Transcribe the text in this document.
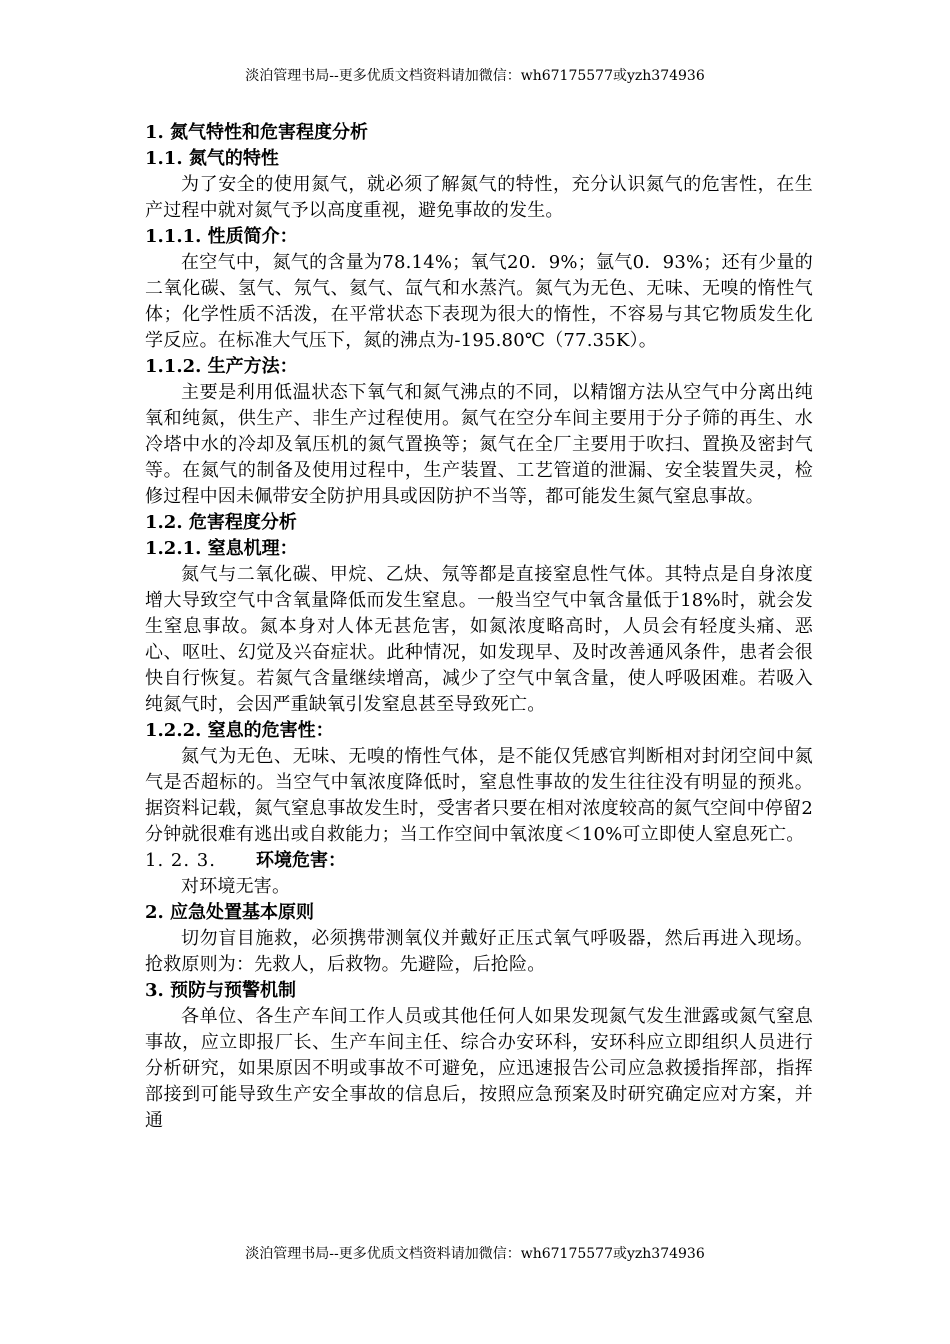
淡泊管理书局--更多优质文档资料请加微信：wh67175577或yzh374936

1. 氮气特性和危害程度分析

1.1. 氮气的特性

为了安全的使用氮气，就必须了解氮气的特性，充分认识氮气的危害性，在生产过程中就对氮气予以高度重视，避免事故的发生。

1.1.1. 性质简介：

在空气中，氮气的含量为78.14%；氧气20．9%；氩气0．93%；还有少量的二氧化碳、氢气、氖气、氦气、氙气和水蒸汽。氮气为无色、无味、无嗅的惰性气体；化学性质不活泼，在平常状态下表现为很大的惰性，不容易与其它物质发生化学反应。在标准大气压下，氮的沸点为-195.80℃（77.35K）。

1.1.2. 生产方法：

主要是利用低温状态下氧气和氮气沸点的不同，以精馏方法从空气中分离出纯氧和纯氮，供生产、非生产过程使用。氮气在空分车间主要用于分子筛的再生、水冷塔中水的冷却及氧压机的氮气置换等；氮气在全厂主要用于吹扫、置换及密封气等。在氮气的制备及使用过程中，生产装置、工艺管道的泄漏、安全装置失灵，检修过程中因未佩带安全防护用具或因防护不当等，都可能发生氮气窒息事故。

1.2. 危害程度分析

1.2.1. 窒息机理：

氮气与二氧化碳、甲烷、乙炔、氖等都是直接窒息性气体。其特点是自身浓度增大导致空气中含氧量降低而发生窒息。一般当空气中氧含量低于18%时，就会发生窒息事故。氮本身对人体无甚危害，如氮浓度略高时，人员会有轻度头痛、恶心、呕吐、幻觉及兴奋症状。此种情况，如发现早、及时改善通风条件，患者会很快自行恢复。若氮气含量继续增高，减少了空气中氧含量，使人呼吸困难。若吸入纯氮气时，会因严重缺氧引发窒息甚至导致死亡。

1.2.2. 窒息的危害性：

氮气为无色、无味、无嗅的惰性气体，是不能仅凭感官判断相对封闭空间中氮气是否超标的。当空气中氧浓度降低时，窒息性事故的发生往往没有明显的预兆。据资料记载，氮气窒息事故发生时，受害者只要在相对浓度较高的氮气空间中停留2分钟就很难有逃出或自救能力；当工作空间中氧浓度＜10%可立即使人窒息死亡。

1. 2. 3. 环境危害：

对环境无害。

2. 应急处置基本原则

切勿盲目施救，必须携带测氧仪并戴好正压式氧气呼吸器，然后再进入现场。抢救原则为：先救人，后救物。先避险，后抢险。

3. 预防与预警机制

各单位、各生产车间工作人员或其他任何人如果发现氮气发生泄露或氮气窒息事故，应立即报厂长、生产车间主任、综合办安环科，安环科应立即组织人员进行分析研究，如果原因不明或事故不可避免，应迅速报告公司应急救援指挥部，指挥部接到可能导致生产安全事故的信息后，按照应急预案及时研究确定应对方案，并通

淡泊管理书局--更多优质文档资料请加微信：wh67175577或yzh374936
